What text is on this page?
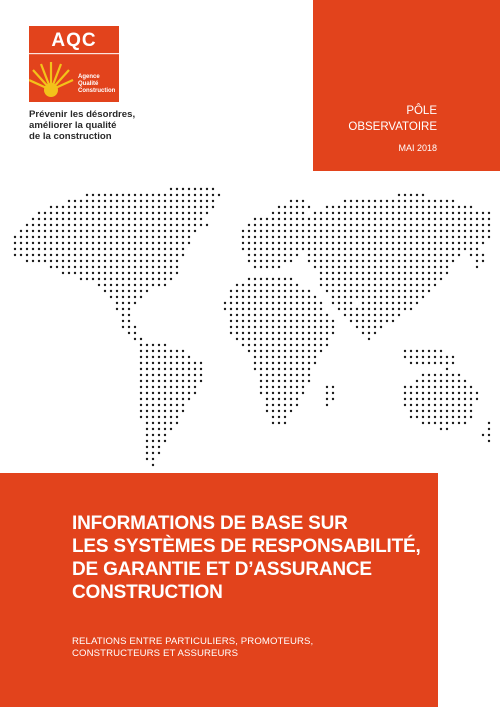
AQC
Agence
Qualité
Construction
Prévenir les désordres,
améliorer la qualité
de la construction
PÔLE
OBSERVATOIRE
MAI 2018
INFORMATIONS DE BASE SUR
LES SYSTÈMES DE RESPONSABILITÉ,
DE GARANTIE ET D’ASSURANCE
CONSTRUCTION
RELATIONS ENTRE PARTICULIERS, PROMOTEURS,
CONSTRUCTEURS ET ASSUREURS
